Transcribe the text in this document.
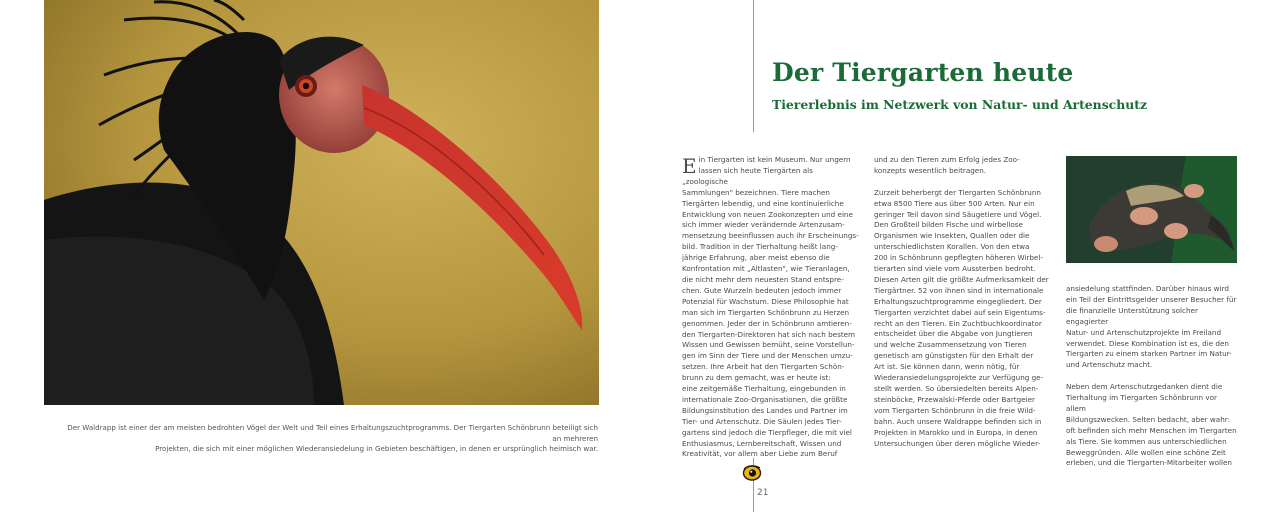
Der Waldrapp ist einer der am meisten bedrohten Vögel der Welt und Teil eines Erhaltungszuchtprogramms. Der Tiergarten Schönbrunn beteiligt sich an mehreren
Projekten, die sich mit einer möglichen Wiederansiedelung in Gebieten beschäftigen, in denen er ursprünglich heimisch war.
Der Tiergarten heute
Tiererlebnis im Netzwerk von Natur- und Artenschutz
E in Tiergarten ist kein Museum. Nur ungern
lassen sich heute Tiergärten als „zoologische
Sammlungen" bezeichnen. Tiere machen
Tiergärten lebendig, und eine kontinuierliche
Entwicklung von neuen Zookonzepten und eine
sich immer wieder verändernde Artenzusam-
mensetzung beeinflussen auch ihr Erscheinungs-
bild. Tradition in der Tierhaltung heißt lang-
jährige Erfahrung, aber meist ebenso die
Konfrontation mit „Altlasten", wie Tieranlagen,
die nicht mehr dem neuesten Stand entspre-
chen. Gute Wurzeln bedeuten jedoch immer
Potenzial für Wachstum. Diese Philosophie hat
man sich im Tiergarten Schönbrunn zu Herzen
genommen. Jeder der in Schönbrunn amtieren-
den Tiergarten-Direktoren hat sich nach bestem
Wissen und Gewissen bemüht, seine Vorstellun-
gen im Sinn der Tiere und der Menschen umzu-
setzen. Ihre Arbeit hat den Tiergarten Schön-
brunn zu dem gemacht, was er heute ist:
eine zeitgemäße Tierhaltung, eingebunden in
internationale Zoo-Organisationen, die größte
Bildungsinstitution des Landes und Partner im
Tier- und Artenschutz. Die Säulen jedes Tier-
gartens sind jedoch die Tierpfleger, die mit viel
Enthusiasmus, Lernbereitschaft, Wissen und
Kreativität, vor allem aber Liebe zum Beruf

und zu den Tieren zum Erfolg jedes Zoo-
konzepts wesentlich beitragen.

Zurzeit beherbergt der Tiergarten Schönbrunn
etwa 8500 Tiere aus über 500 Arten. Nur ein
geringer Teil davon sind Säugetiere und Vögel.
Den Großteil bilden Fische und wirbellose
Organismen wie Insekten, Quallen oder die
unterschiedlichsten Korallen. Von den etwa
200 in Schönbrunn gepflegten höheren Wirbel-
tierarten sind viele vom Aussterben bedroht.
Diesen Arten gilt die größte Aufmerksamkeit der
Tiergärtner. 52 von ihnen sind in internationale
Erhaltungszuchtprogramme eingegliedert. Der
Tiergarten verzichtet dabei auf sein Eigentums-
recht an den Tieren. Ein Zuchtbuchkoordinator
entscheidet über die Abgabe von Jungtieren
und welche Zusammensetzung von Tieren
genetisch am günstigsten für den Erhalt der
Art ist. Sie können dann, wenn nötig, für
Wiederansiedelungsprojekte zur Verfügung ge-
stellt werden. So übersiedelten bereits Alpen-
steinböcke, Przewalski-Pferde oder Bartgeier
vom Tiergarten Schönbrunn in die freie Wild-
bahn. Auch unsere Waldrappe befinden sich in
Projekten in Marokko und in Europa, in denen
Untersuchungen über deren mögliche Wieder-

ansiedelung stattfinden. Darüber hinaus wird
ein Teil der Eintrittsgelder unserer Besucher für
die finanzielle Unterstützung solcher engagierter
Natur- und Artenschutzprojekte im Freiland
verwendet. Diese Kombination ist es, die den
Tiergarten zu einem starken Partner im Natur-
und Artenschutz macht.

Neben dem Artenschutzgedanken dient die
Tierhaltung im Tiergarten Schönbrunn vor allem
Bildungszwecken. Selten bedacht, aber wahr:
oft befinden sich mehr Menschen im Tiergarten
als Tiere. Sie kommen aus unterschiedlichen
Beweggründen. Alle wollen eine schöne Zeit
erleben, und die Tiergarten-Mitarbeiter wollen

21
